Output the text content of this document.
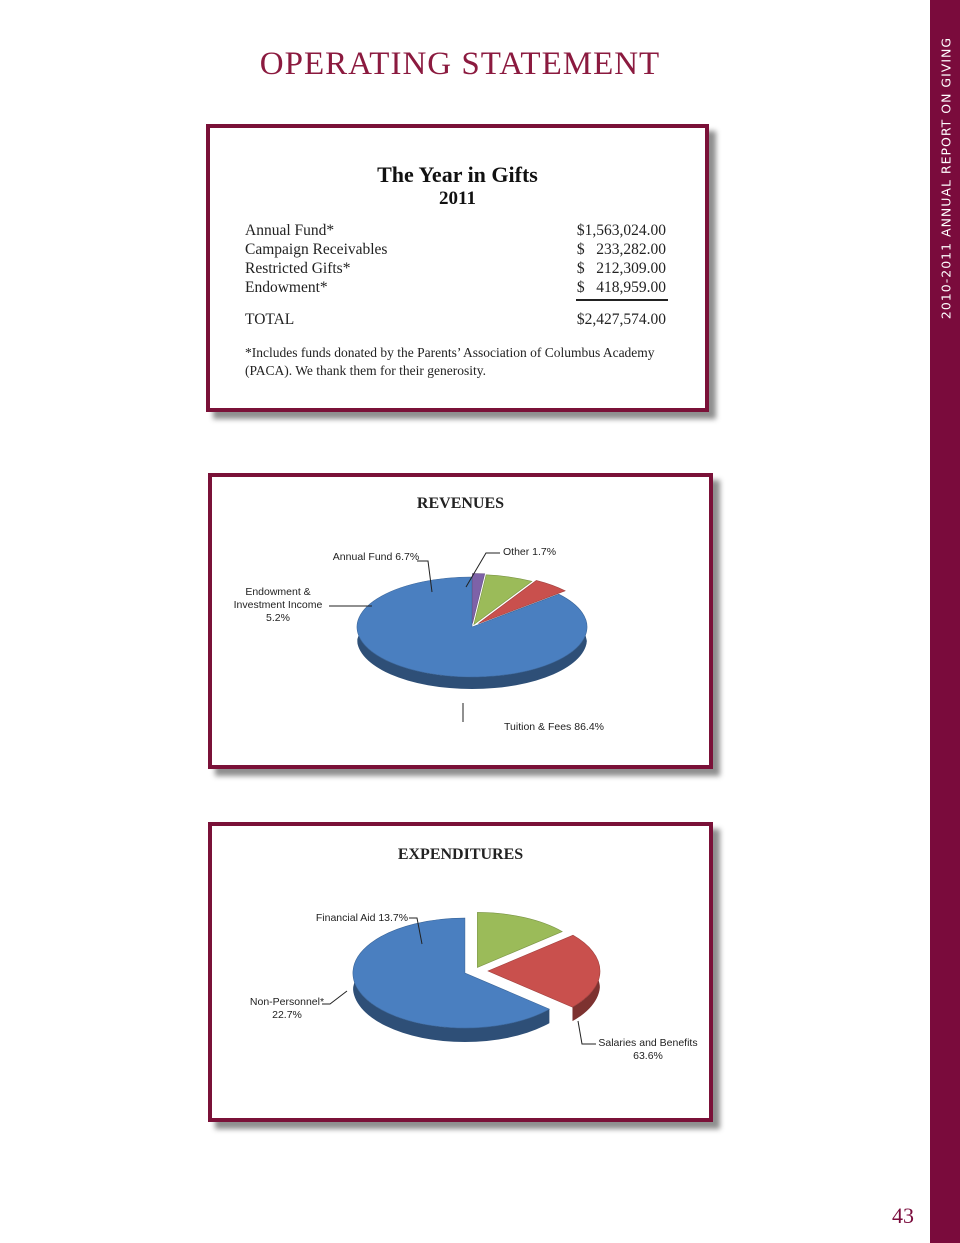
2010-2011 ANNUAL REPORT ON GIVING
OPERATING STATEMENT
The Year in Gifts
2011
Annual Fund*	$1,563,024.00
Campaign Receivables	$   233,282.00
Restricted Gifts*	$   212,309.00
Endowment*	$   418,959.00
TOTAL	$2,427,574.00
*Includes funds donated by the Parents’ Association of Columbus Academy (PACA). We thank them for their generosity.
REVENUES
Tuition & Fees 86.4%
Endowment & Investment Income 5.2%
Annual Fund 6.7%	Other 1.7%
EXPENDITURES
Salaries and Benefits 63.6%
Non-Personnel* 22.7%
Financial Aid 13.7%
43
